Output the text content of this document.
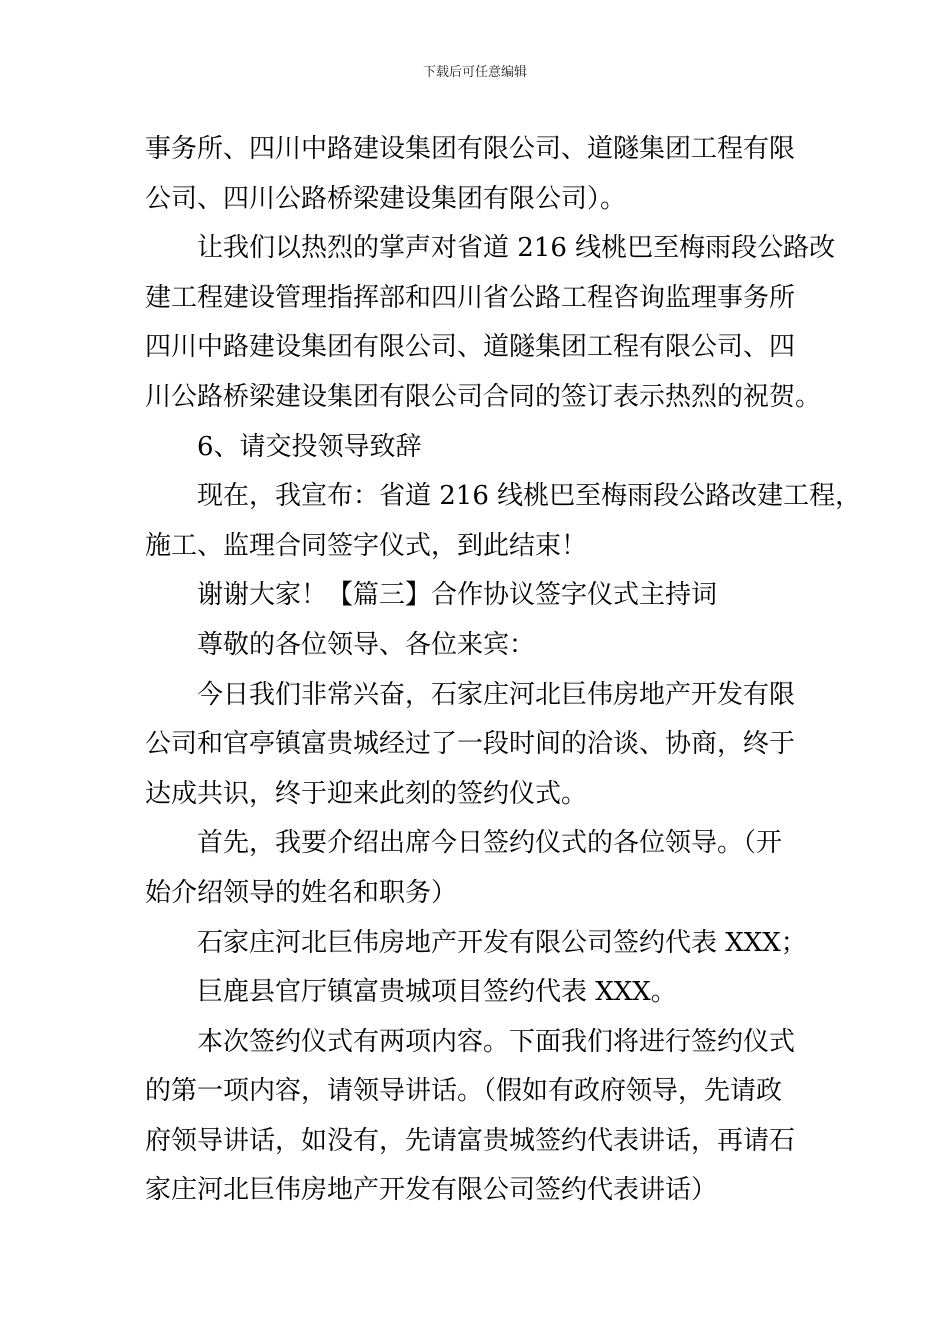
下载后可任意编辑
事务所、四川中路建设集团有限公司、道隧集团工程有限
公司、四川公路桥梁建设集团有限公司）。
让我们以热烈的掌声对省道 216 线桃巴至梅雨段公路改
建工程建设管理指挥部和四川省公路工程咨询监理事务所
四川中路建设集团有限公司、道隧集团工程有限公司、四
川公路桥梁建设集团有限公司合同的签订表示热烈的祝贺。
6、请交投领导致辞
现在，我宣布：省道 216 线桃巴至梅雨段公路改建工程，
施工、监理合同签字仪式，到此结束！
谢谢大家！【篇三】合作协议签字仪式主持词
尊敬的各位领导、各位来宾：
今日我们非常兴奋，石家庄河北巨伟房地产开发有限
公司和官亭镇富贵城经过了一段时间的洽谈、协商，终于
达成共识，终于迎来此刻的签约仪式。
首先，我要介绍出席今日签约仪式的各位领导。（开
始介绍领导的姓名和职务）
石家庄河北巨伟房地产开发有限公司签约代表 XXX；
巨鹿县官厅镇富贵城项目签约代表 XXX。
本次签约仪式有两项内容。下面我们将进行签约仪式
的第一项内容，请领导讲话。（假如有政府领导，先请政
府领导讲话，如没有，先请富贵城签约代表讲话，再请石
家庄河北巨伟房地产开发有限公司签约代表讲话）
